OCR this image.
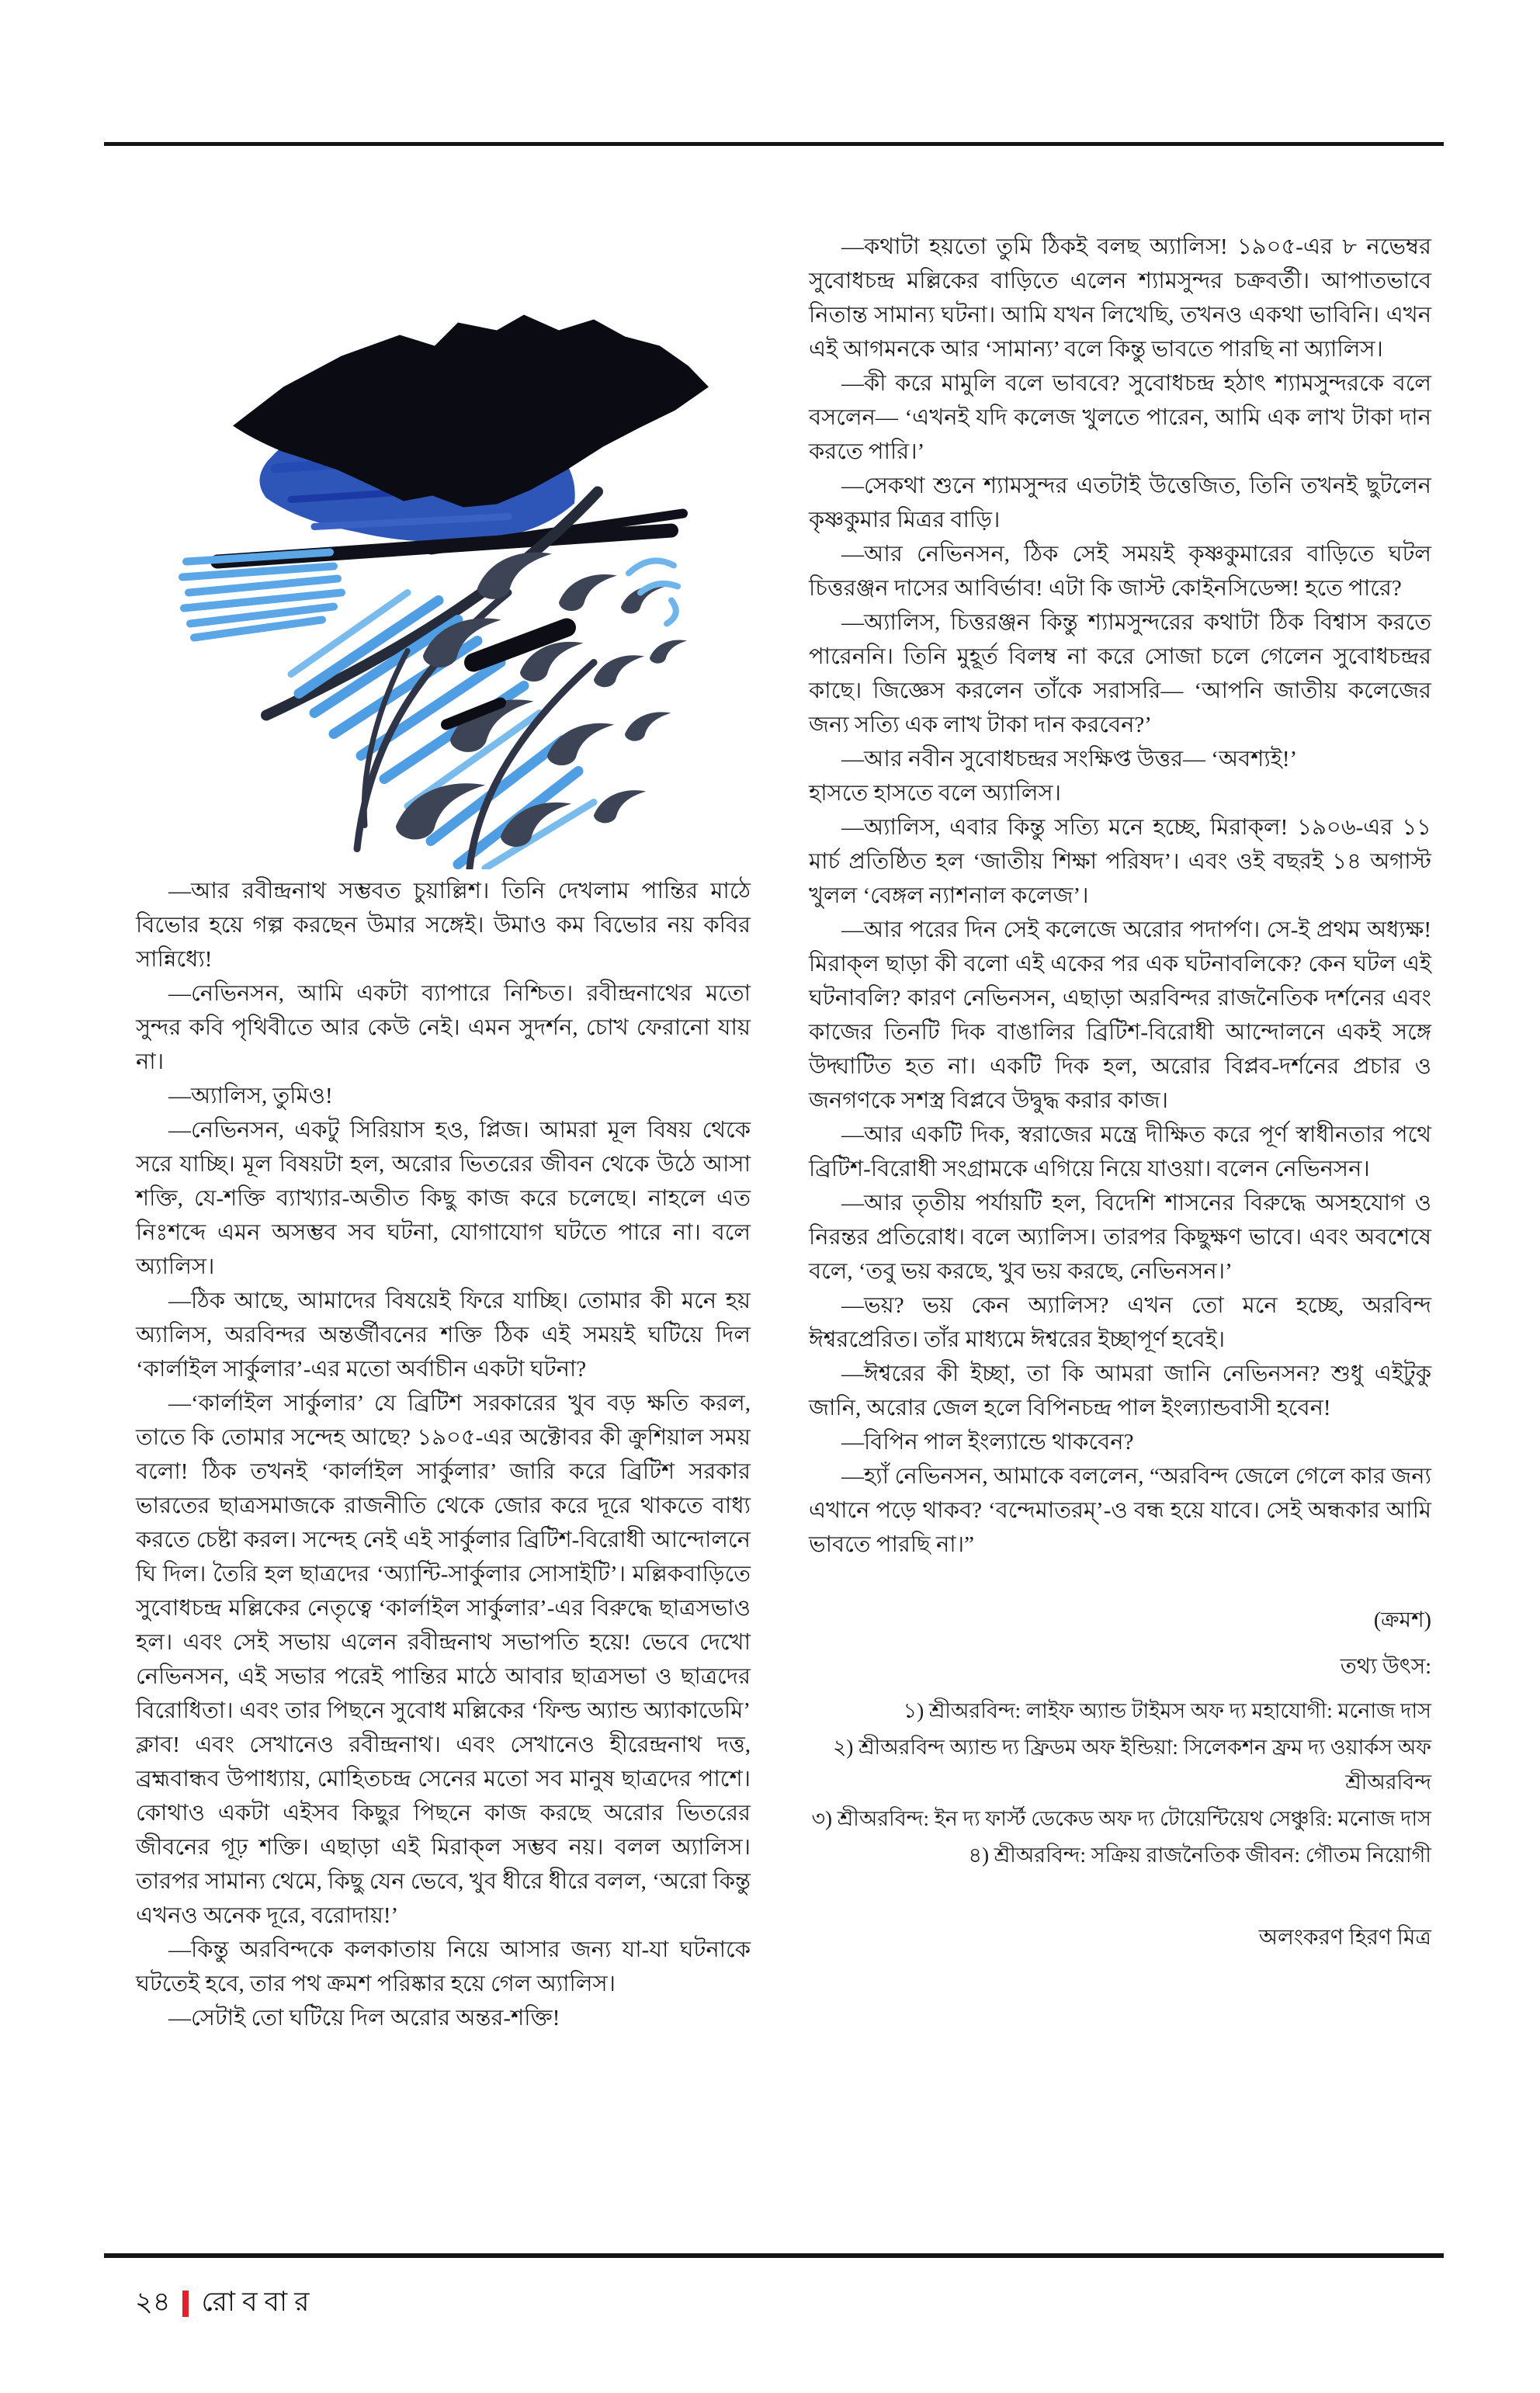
—আর রবীন্দ্রনাথ সম্ভবত চুয়াল্লিশ। তিনি দেখলাম পান্তির মাঠে বিভোর হয়ে গল্প করছেন উমার সঙ্গেই। উমাও কম বিভোর নয় কবির সান্নিধ্যে!

—নেভিনসন, আমি একটা ব্যাপারে নিশ্চিত। রবীন্দ্রনাথের মতো সুন্দর কবি পৃথিবীতে আর কেউ নেই। এমন সুদর্শন, চোখ ফেরানো যায় না।

—অ্যালিস, তুমিও!

—নেভিনসন, একটু সিরিয়াস হও, প্লিজ। আমরা মূল বিষয় থেকে সরে যাচ্ছি। মূল বিষয়টা হল, অরোর ভিতরের জীবন থেকে উঠে আসা শক্তি, যে-শক্তি ব্যাখ্যার-অতীত কিছু কাজ করে চলেছে। নাহলে এত নিঃশব্দে এমন অসম্ভব সব ঘটনা, যোগাযোগ ঘটতে পারে না। বলে অ্যালিস।

—ঠিক আছে, আমাদের বিষয়েই ফিরে যাচ্ছি। তোমার কী মনে হয় অ্যালিস, অরবিন্দর অন্তর্জীবনের শক্তি ঠিক এই সময়ই ঘটিয়ে দিল ‘কার্লাইল সার্কুলার’-এর মতো অর্বাচীন একটা ঘটনা?

—‘কার্লাইল সার্কুলার’ যে ব্রিটিশ সরকারের খুব বড় ক্ষতি করল, তাতে কি তোমার সন্দেহ আছে? ১৯০৫-এর অক্টোবর কী ক্রুশিয়াল সময় বলো! ঠিক তখনই ‘কার্লাইল সার্কুলার’ জারি করে ব্রিটিশ সরকার ভারতের ছাত্রসমাজকে রাজনীতি থেকে জোর করে দূরে থাকতে বাধ্য করতে চেষ্টা করল। সন্দেহ নেই এই সার্কুলার ব্রিটিশ-বিরোধী আন্দোলনে ঘি দিল। তৈরি হল ছাত্রদের ‘অ্যান্টি-সার্কুলার সোসাইটি’। মল্লিকবাড়িতে সুবোধচন্দ্র মল্লিকের নেতৃত্বে ‘কার্লাইল সার্কুলার’-এর বিরুদ্ধে ছাত্রসভাও হল। এবং সেই সভায় এলেন রবীন্দ্রনাথ সভাপতি হয়ে! ভেবে দেখো নেভিনসন, এই সভার পরেই পান্তির মাঠে আবার ছাত্রসভা ও ছাত্রদের বিরোধিতা। এবং তার পিছনে সুবোধ মল্লিকের ‘ফিল্ড অ্যান্ড অ্যাকাডেমি’ ক্লাব! এবং সেখানেও রবীন্দ্রনাথ। এবং সেখানেও হীরেন্দ্রনাথ দত্ত, ব্রহ্মবান্ধব উপাধ্যায়, মোহিতচন্দ্র সেনের মতো সব মানুষ ছাত্রদের পাশে। কোথাও একটা এইসব কিছুর পিছনে কাজ করছে অরোর ভিতরের জীবনের গূঢ় শক্তি। এছাড়া এই মিরাক্‌ল সম্ভব নয়। বলল অ্যালিস। তারপর সামান্য থেমে, কিছু যেন ভেবে, খুব ধীরে ধীরে বলল, ‘অরো কিন্তু এখনও অনেক দূরে, বরোদায়!’

—কিন্তু অরবিন্দকে কলকাতায় নিয়ে আসার জন্য যা-যা ঘটনাকে ঘটতেই হবে, তার পথ ক্রমশ পরিষ্কার হয়ে গেল অ্যালিস।

—সেটাই তো ঘটিয়ে দিল অরোর অন্তর-শক্তি!

—কথাটা হয়তো তুমি ঠিকই বলছ অ্যালিস! ১৯০৫-এর ৮ নভেম্বর সুবোধচন্দ্র মল্লিকের বাড়িতে এলেন শ্যামসুন্দর চক্রবর্তী। আপাতভাবে নিতান্ত সামান্য ঘটনা। আমি যখন লিখেছি, তখনও একথা ভাবিনি। এখন এই আগমনকে আর ‘সামান্য’ বলে কিন্তু ভাবতে পারছি না অ্যালিস।

—কী করে মামুলি বলে ভাববে? সুবোধচন্দ্র হঠাৎ শ্যামসুন্দরকে বলে বসলেন— ‘এখনই যদি কলেজ খুলতে পারেন, আমি এক লাখ টাকা দান করতে পারি।’

—সেকথা শুনে শ্যামসুন্দর এতটাই উত্তেজিত, তিনি তখনই ছুটলেন কৃষ্ণকুমার মিত্রর বাড়ি।

—আর নেভিনসন, ঠিক সেই সময়ই কৃষ্ণকুমারের বাড়িতে ঘটল চিত্তরঞ্জন দাসের আবির্ভাব! এটা কি জাস্ট কোইনসিডেন্স! হতে পারে?

—অ্যালিস, চিত্তরঞ্জন কিন্তু শ্যামসুন্দরের কথাটা ঠিক বিশ্বাস করতে পারেননি। তিনি মুহূর্ত বিলম্ব না করে সোজা চলে গেলেন সুবোধচন্দ্রর কাছে। জিজ্ঞেস করলেন তাঁকে সরাসরি— ‘আপনি জাতীয় কলেজের জন্য সত্যি এক লাখ টাকা দান করবেন?’

—আর নবীন সুবোধচন্দ্রর সংক্ষিপ্ত উত্তর— ‘অবশ্যই!’

হাসতে হাসতে বলে অ্যালিস।

—অ্যালিস, এবার কিন্তু সত্যি মনে হচ্ছে, মিরাক্‌ল! ১৯০৬-এর ১১ মার্চ প্রতিষ্ঠিত হল ‘জাতীয় শিক্ষা পরিষদ’। এবং ওই বছরই ১৪ অগাস্ট খুলল ‘বেঙ্গল ন্যাশনাল কলেজ’।

—আর পরের দিন সেই কলেজে অরোর পদার্পণ। সে-ই প্রথম অধ্যক্ষ! মিরাক্‌ল ছাড়া কী বলো এই একের পর এক ঘটনাবলিকে? কেন ঘটল এই ঘটনাবলি? কারণ নেভিনসন, এছাড়া অরবিন্দর রাজনৈতিক দর্শনের এবং কাজের তিনটি দিক বাঙালির ব্রিটিশ-বিরোধী আন্দোলনে একই সঙ্গে উদ্ঘাটিত হত না। একটি দিক হল, অরোর বিপ্লব-দর্শনের প্রচার ও জনগণকে সশস্ত্র বিপ্লবে উদ্বুদ্ধ করার কাজ।

—আর একটি দিক, স্বরাজের মন্ত্রে দীক্ষিত করে পূর্ণ স্বাধীনতার পথে ব্রিটিশ-বিরোধী সংগ্রামকে এগিয়ে নিয়ে যাওয়া। বলেন নেভিনসন।

—আর তৃতীয় পর্যায়টি হল, বিদেশি শাসনের বিরুদ্ধে অসহযোগ ও নিরন্তর প্রতিরোধ। বলে অ্যালিস। তারপর কিছুক্ষণ ভাবে। এবং অবশেষে বলে, ‘তবু ভয় করছে, খুব ভয় করছে, নেভিনসন।’

—ভয়? ভয় কেন অ্যালিস? এখন তো মনে হচ্ছে, অরবিন্দ ঈশ্বরপ্রেরিত। তাঁর মাধ্যমে ঈশ্বরের ইচ্ছাপূর্ণ হবেই।

—ঈশ্বরের কী ইচ্ছা, তা কি আমরা জানি নেভিনসন? শুধু এইটুকু জানি, অরোর জেল হলে বিপিনচন্দ্র পাল ইংল্যান্ডবাসী হবেন!

—বিপিন পাল ইংল্যান্ডে থাকবেন?

—হ্যাঁ নেভিনসন, আমাকে বললেন, “অরবিন্দ জেলে গেলে কার জন্য এখানে পড়ে থাকব? ‘বন্দেমাতরম্‌’-ও বন্ধ হয়ে যাবে। সেই অন্ধকার আমি ভাবতে পারছি না।”

(ক্রমশ)

তথ্য উৎস:

১) শ্রীঅরবিন্দ: লাইফ অ্যান্ড টাইমস অফ দ্য মহাযোগী: মনোজ দাস

২) শ্রীঅরবিন্দ অ্যান্ড দ্য ফ্রিডম অফ ইন্ডিয়া: সিলেকশন ফ্রম দ্য ওয়ার্কস অফ শ্রীঅরবিন্দ

৩) শ্রীঅরবিন্দ: ইন দ্য ফার্স্ট ডেকেড অফ দ্য টোয়েন্টিয়েথ সেঞ্চুরি: মনোজ দাস

৪) শ্রীঅরবিন্দ: সক্রিয় রাজনৈতিক জীবন: গৌতম নিয়োগী

অলংকরণ হিরণ মিত্র

২৪ রোববার
